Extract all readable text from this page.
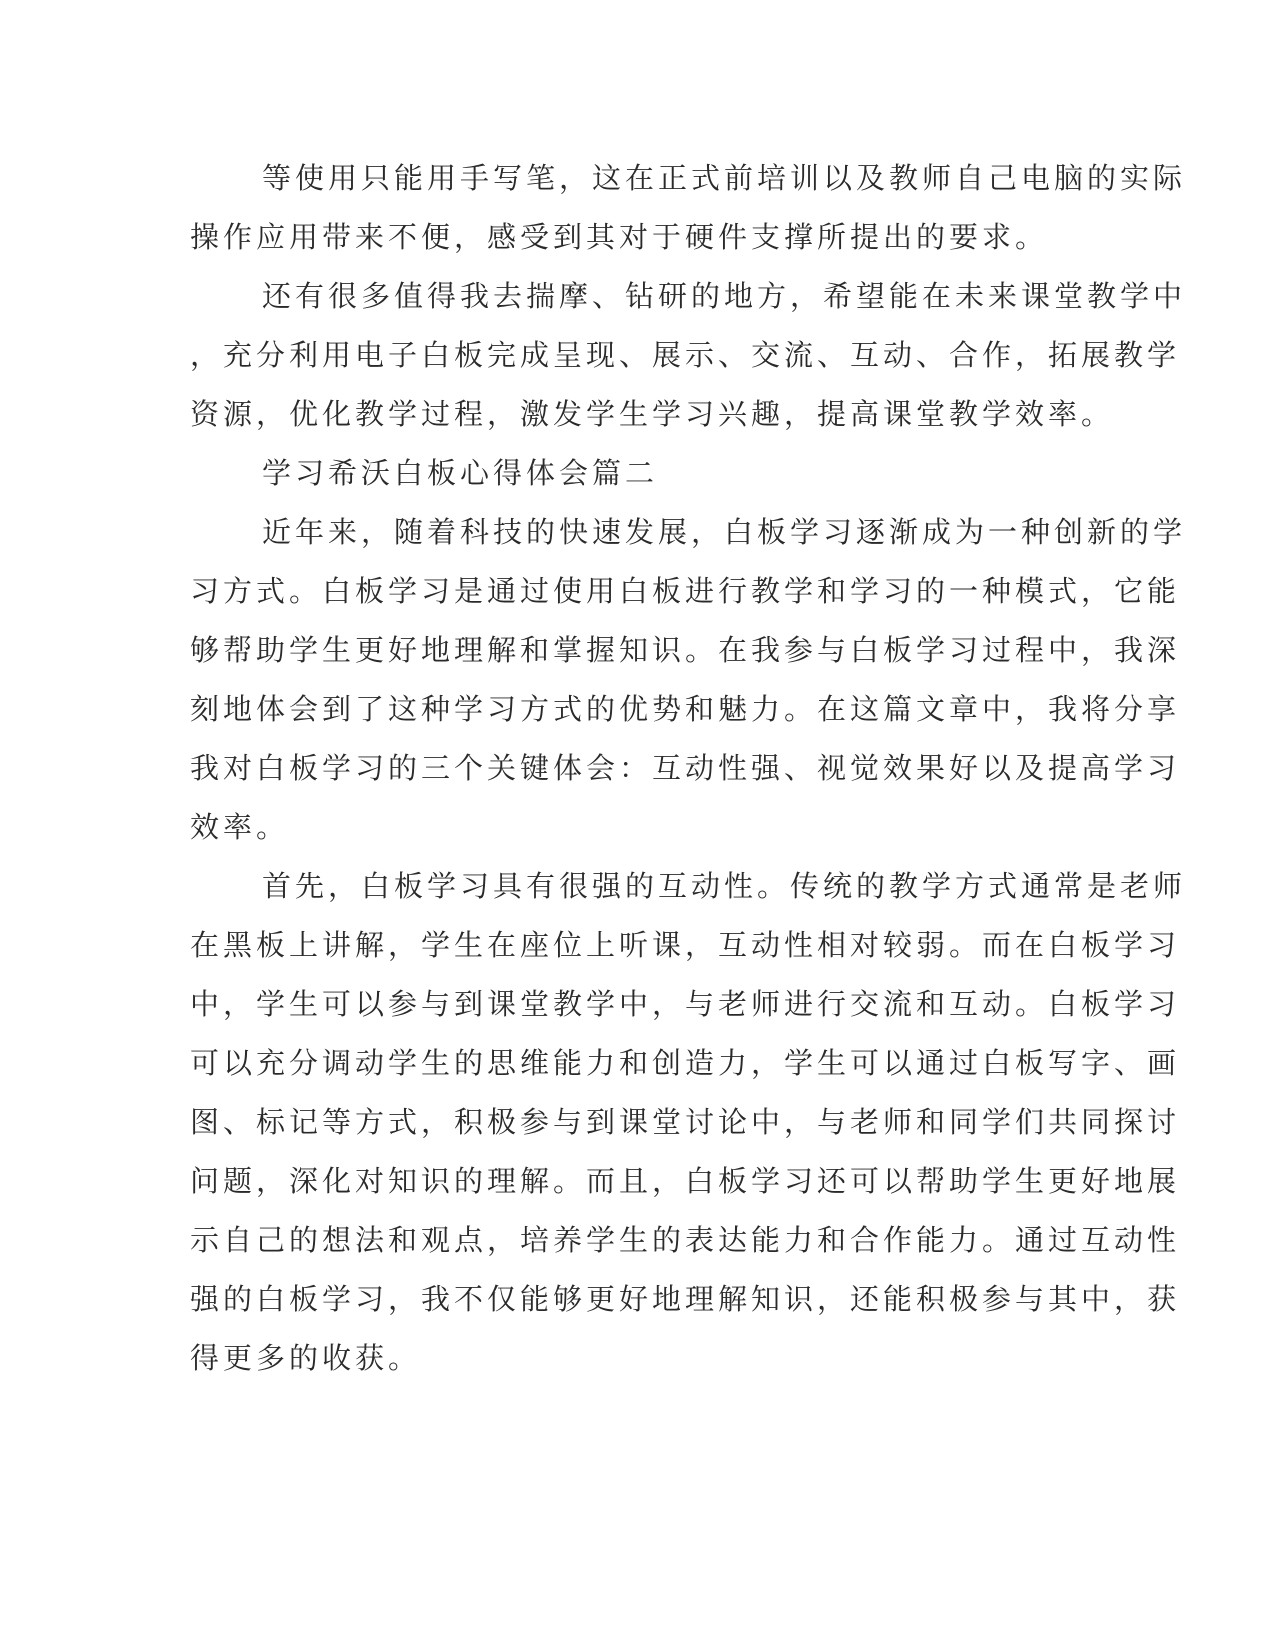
等使用只能用手写笔，这在正式前培训以及教师自己电脑的实际
操作应用带来不便，感受到其对于硬件支撑所提出的要求。
还有很多值得我去揣摩、钻研的地方，希望能在未来课堂教学中
，充分利用电子白板完成呈现、展示、交流、互动、合作，拓展教学
资源，优化教学过程，激发学生学习兴趣，提高课堂教学效率。
学习希沃白板心得体会篇二
近年来，随着科技的快速发展，白板学习逐渐成为一种创新的学
习方式。白板学习是通过使用白板进行教学和学习的一种模式，它能
够帮助学生更好地理解和掌握知识。在我参与白板学习过程中，我深
刻地体会到了这种学习方式的优势和魅力。在这篇文章中，我将分享
我对白板学习的三个关键体会：互动性强、视觉效果好以及提高学习
效率。
首先，白板学习具有很强的互动性。传统的教学方式通常是老师
在黑板上讲解，学生在座位上听课，互动性相对较弱。而在白板学习
中，学生可以参与到课堂教学中，与老师进行交流和互动。白板学习
可以充分调动学生的思维能力和创造力，学生可以通过白板写字、画
图、标记等方式，积极参与到课堂讨论中，与老师和同学们共同探讨
问题，深化对知识的理解。而且，白板学习还可以帮助学生更好地展
示自己的想法和观点，培养学生的表达能力和合作能力。通过互动性
强的白板学习，我不仅能够更好地理解知识，还能积极参与其中，获
得更多的收获。
